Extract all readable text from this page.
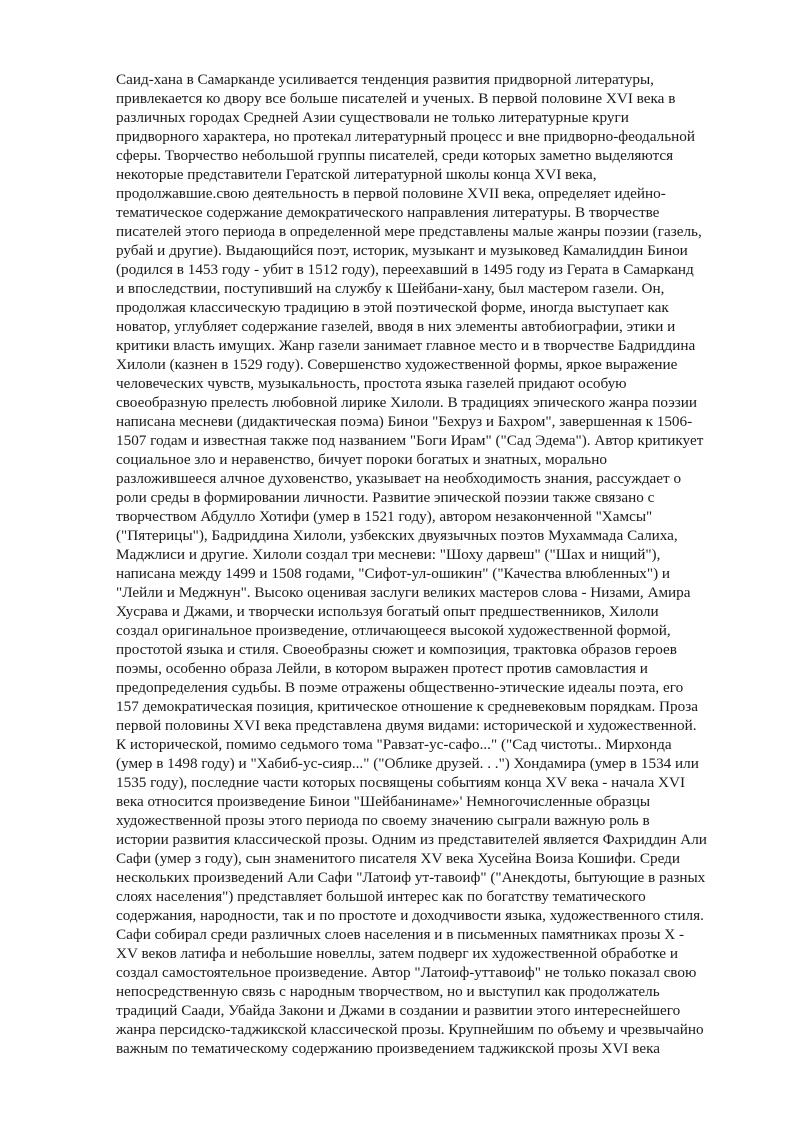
Саид-хана в Самарканде усиливается тенденция развития придворной литературы,
привлекается ко двору все больше писателей и ученых. В первой половине XVI века в
различных городах Средней Азии существовали не только литературные круги
придворного характера, но протекал литературный процесс и вне придворно-феодальной
сферы. Творчество небольшой группы писателей, среди которых заметно выделяются
некоторые представители Гератской литературной школы конца XVI века,
продолжавшие.свою деятельность в первой половине XVII века, определяет идейно-
тематическое содержание демократического направления литературы. В творчестве
писателей этого периода в определенной мере представлены малые жанры поэзии (газель,
рубай и другие). Выдающийся поэт, историк, музыкант и музыковед Камалиддин Бинои
(родился в 1453 году - убит в 1512 году), переехавший в 1495 году из Герата в Самарканд
и впоследствии, поступивший на службу к Шейбани-хану, был мастером газели. Он,
продолжая классическую традицию в этой поэтической форме, иногда выступает как
новатор, углубляет содержание газелей, вводя в них элементы автобиографии, этики и
критики власть имущих. Жанр газели занимает главное место и в творчестве Бадриддина
Хилоли (казнен в 1529 году). Совершенство художественной формы, яркое выражение
человеческих чувств, музыкальность, простота языка газелей придают особую
своеобразную прелесть любовной лирике Хилоли. В традициях эпического жанра поэзии
написана месневи (дидактическая поэма) Бинои "Бехруз и Бахром", завершенная к 1506-
1507 годам и известная также под названием "Боги Ирам" ("Сад Эдема"). Автор критикует
социальное зло и неравенство, бичует пороки богатых и знатных, морально
разложившееся алчное духовенство, указывает на необходимость знания, рассуждает о
роли среды в формировании личности. Развитие эпической поэзии также связано с
творчеством Абдулло Хотифи (умер в 1521 году), автором незаконченной "Хамсы"
("Пятерицы"), Бадриддина Хилоли, узбекских двуязычных поэтов Мухаммада Салиха,
Маджлиси и другие. Хилоли создал три месневи: "Шоху дарвеш" ("Шах и нищий"),
написана между 1499 и 1508 годами, "Сифот-ул-ошикин" ("Качества влюбленных") и
"Лейли и Меджнун". Высоко оценивая заслуги великих мастеров слова - Низами, Амира
Хусрава и Джами, и творчески используя богатый опыт предшественников, Хилоли
создал оригинальное произведение, отличающееся высокой художественной формой,
простотой языка и стиля. Своеобразны сюжет и композиция, трактовка образов героев
поэмы, особенно образа Лейли, в котором выражен протест против самовластия и
предопределения судьбы. В поэме отражены общественно-этические идеалы поэта, его
157 демократическая позиция, критическое отношение к средневековым порядкам. Проза
первой половины XVI века представлена двумя видами: исторической и художественной.
К исторической, помимо седьмого тома "Равзат-ус-сафо..." ("Сад чистоты.. Мирхонда
(умер в 1498 году) и "Хабиб-ус-сияр..." ("Облике друзей. . .") Хондамира (умер в 1534 или
1535 году), последние части которых посвящены событиям конца XV века - начала XVI
века относится произведение Бинои "Шейбанинаме»' Немногочисленные образцы
художественной прозы этого периода по своему значению сыграли важную роль в
истории развития классической прозы. Одним из представителей является Фахриддин Али
Сафи (умер з году), сын знаменитого писателя XV века Хусейна Воиза Кошифи. Среди
нескольких произведений Али Сафи "Латоиф ут-тавоиф" ("Анекдоты, бытующие в разных
слоях населения") представляет большой интерес как по богатству тематического
содержания, народности, так и по простоте и доходчивости языка, художественного стиля.
Сафи собирал среди различных слоев населения и в письменных памятниках прозы X -
XV веков латифа и небольшие новеллы, затем подверг их художественной обработке и
создал самостоятельное произведение. Автор "Латоиф-уттавоиф" не только показал свою
непосредственную связь с народным творчеством, но и выступил как продолжатель
традиций Саади, Убайда Закони и Джами в создании и развитии этого интереснейшего
жанра персидско-таджикской классической прозы. Крупнейшим по объему и чрезвычайно
важным по тематическому содержанию произведением таджикской прозы XVI века
